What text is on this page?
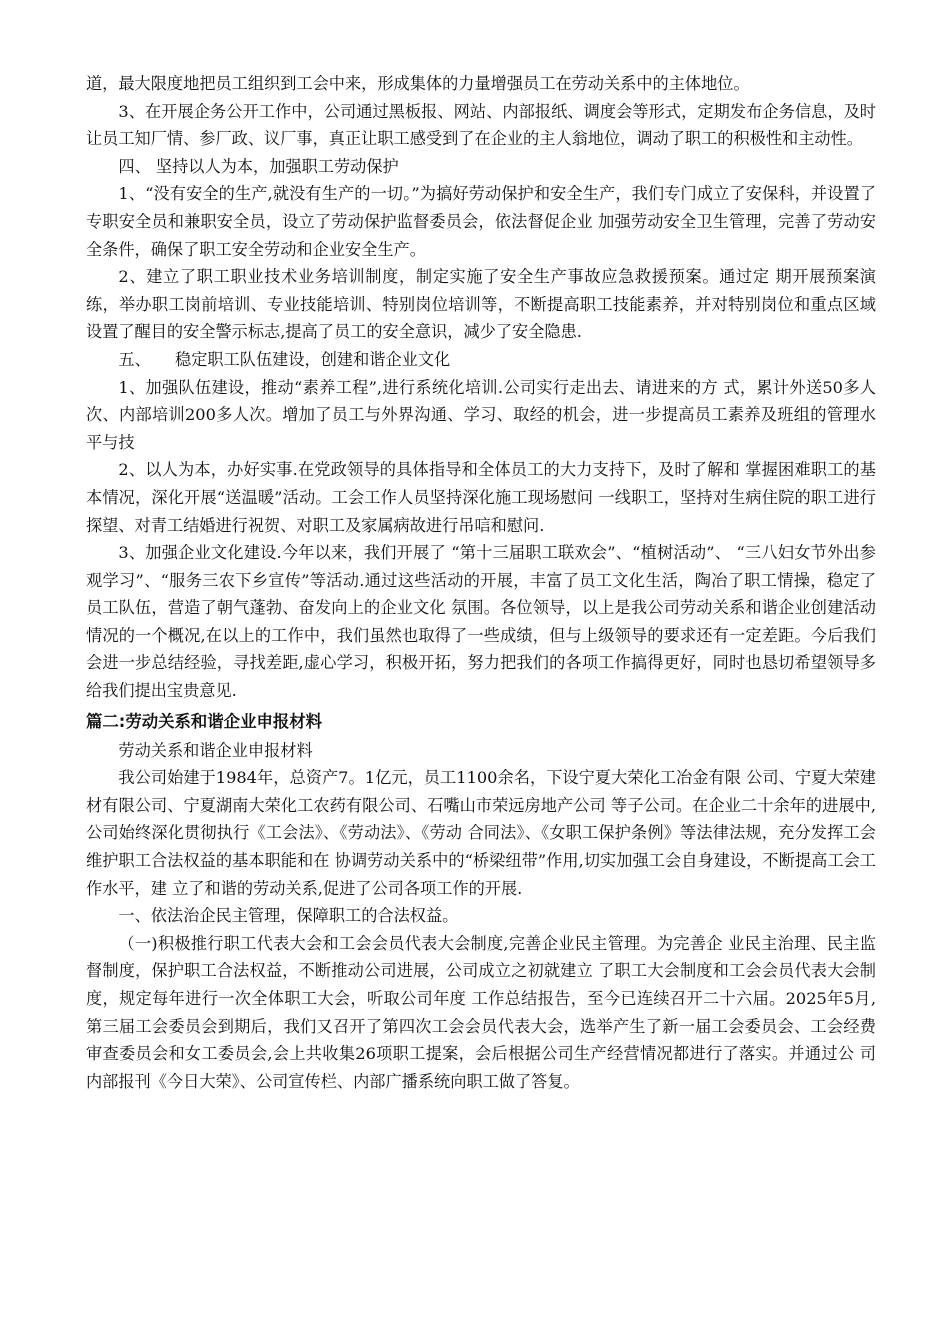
道，最大限度地把员工组织到工会中来，形成集体的力量增强员工在劳动关系中的主体地位。

3、在开展企务公开工作中，公司通过黑板报、网站、内部报纸、调度会等形式，定期发布企务信息，及时让员工知厂情、参厂政、议厂事，真正让职工感受到了在企业的主人翁地位，调动了职工的积极性和主动性。

四、 坚持以人为本，加强职工劳动保护

1、“没有安全的生产,就没有生产的一切。”为搞好劳动保护和安全生产，我们专门成立了安保科，并设置了专职安全员和兼职安全员，设立了劳动保护监督委员会，依法督促企业 加强劳动安全卫生管理，完善了劳动安全条件，确保了职工安全劳动和企业安全生产。

2、建立了职工职业技术业务培训制度，制定实施了安全生产事故应急救援预案。通过定 期开展预案演练，举办职工岗前培训、专业技能培训、特别岗位培训等，不断提高职工技能素养，并对特别岗位和重点区域设置了醒目的安全警示标志,提高了员工的安全意识，减少了安全隐患.

五、　　稳定职工队伍建设，创建和谐企业文化

1、加强队伍建设，推动“素养工程”,进行系统化培训.公司实行走出去、请进来的方 式，累计外送50多人次、内部培训200多人次。增加了员工与外界沟通、学习、取经的机会，进一步提高员工素养及班组的管理水平与技

2、以人为本，办好实事.在党政领导的具体指导和全体员工的大力支持下，及时了解和 掌握困难职工的基本情况，深化开展“送温暖”活动。工会工作人员坚持深化施工现场慰问 一线职工，坚持对生病住院的职工进行探望、对青工结婚进行祝贺、对职工及家属病故进行吊唁和慰问.

3、加强企业文化建设.今年以来，我们开展了 “第十三届职工联欢会”、“植树活动”、 “三八妇女节外出参观学习”、“服务三农下乡宣传”等活动.通过这些活动的开展，丰富了员工文化生活，陶冶了职工情操，稳定了员工队伍，营造了朝气蓬勃、奋发向上的企业文化 氛围。各位领导，以上是我公司劳动关系和谐企业创建活动情况的一个概况,在以上的工作中，我们虽然也取得了一些成绩，但与上级领导的要求还有一定差距。今后我们会进一步总结经验，寻找差距,虚心学习，积极开拓，努力把我们的各项工作搞得更好，同时也恳切希望领导多给我们提出宝贵意见.

篇二:劳动关系和谐企业申报材料

劳动关系和谐企业申报材料

我公司始建于1984年，总资产7。1亿元，员工1100余名，下设宁夏大荣化工冶金有限 公司、宁夏大荣建材有限公司、宁夏湖南大荣化工农药有限公司、石嘴山市荣远房地产公司 等子公司。在企业二十余年的进展中,公司始终深化贯彻执行《工会法》、《劳动法》、《劳动 合同法》、《女职工保护条例》等法律法规，充分发挥工会维护职工合法权益的基本职能和在 协调劳动关系中的“桥梁纽带”作用,切实加强工会自身建设，不断提高工会工作水平，建 立了和谐的劳动关系,促进了公司各项工作的开展.

一、依法治企民主管理，保障职工的合法权益。

（一)积极推行职工代表大会和工会会员代表大会制度,完善企业民主管理。为完善企 业民主治理、民主监督制度，保护职工合法权益，不断推动公司进展，公司成立之初就建立 了职工大会制度和工会会员代表大会制度，规定每年进行一次全体职工大会，听取公司年度 工作总结报告，至今已连续召开二十六届。2025年5月,第三届工会委员会到期后，我们又召开了第四次工会会员代表大会，选举产生了新一届工会委员会、工会经费审查委员会和女工委员会,会上共收集26项职工提案，会后根据公司生产经营情况都进行了落实。并通过公 司内部报刊《今日大荣》、公司宣传栏、内部广播系统向职工做了答复。
